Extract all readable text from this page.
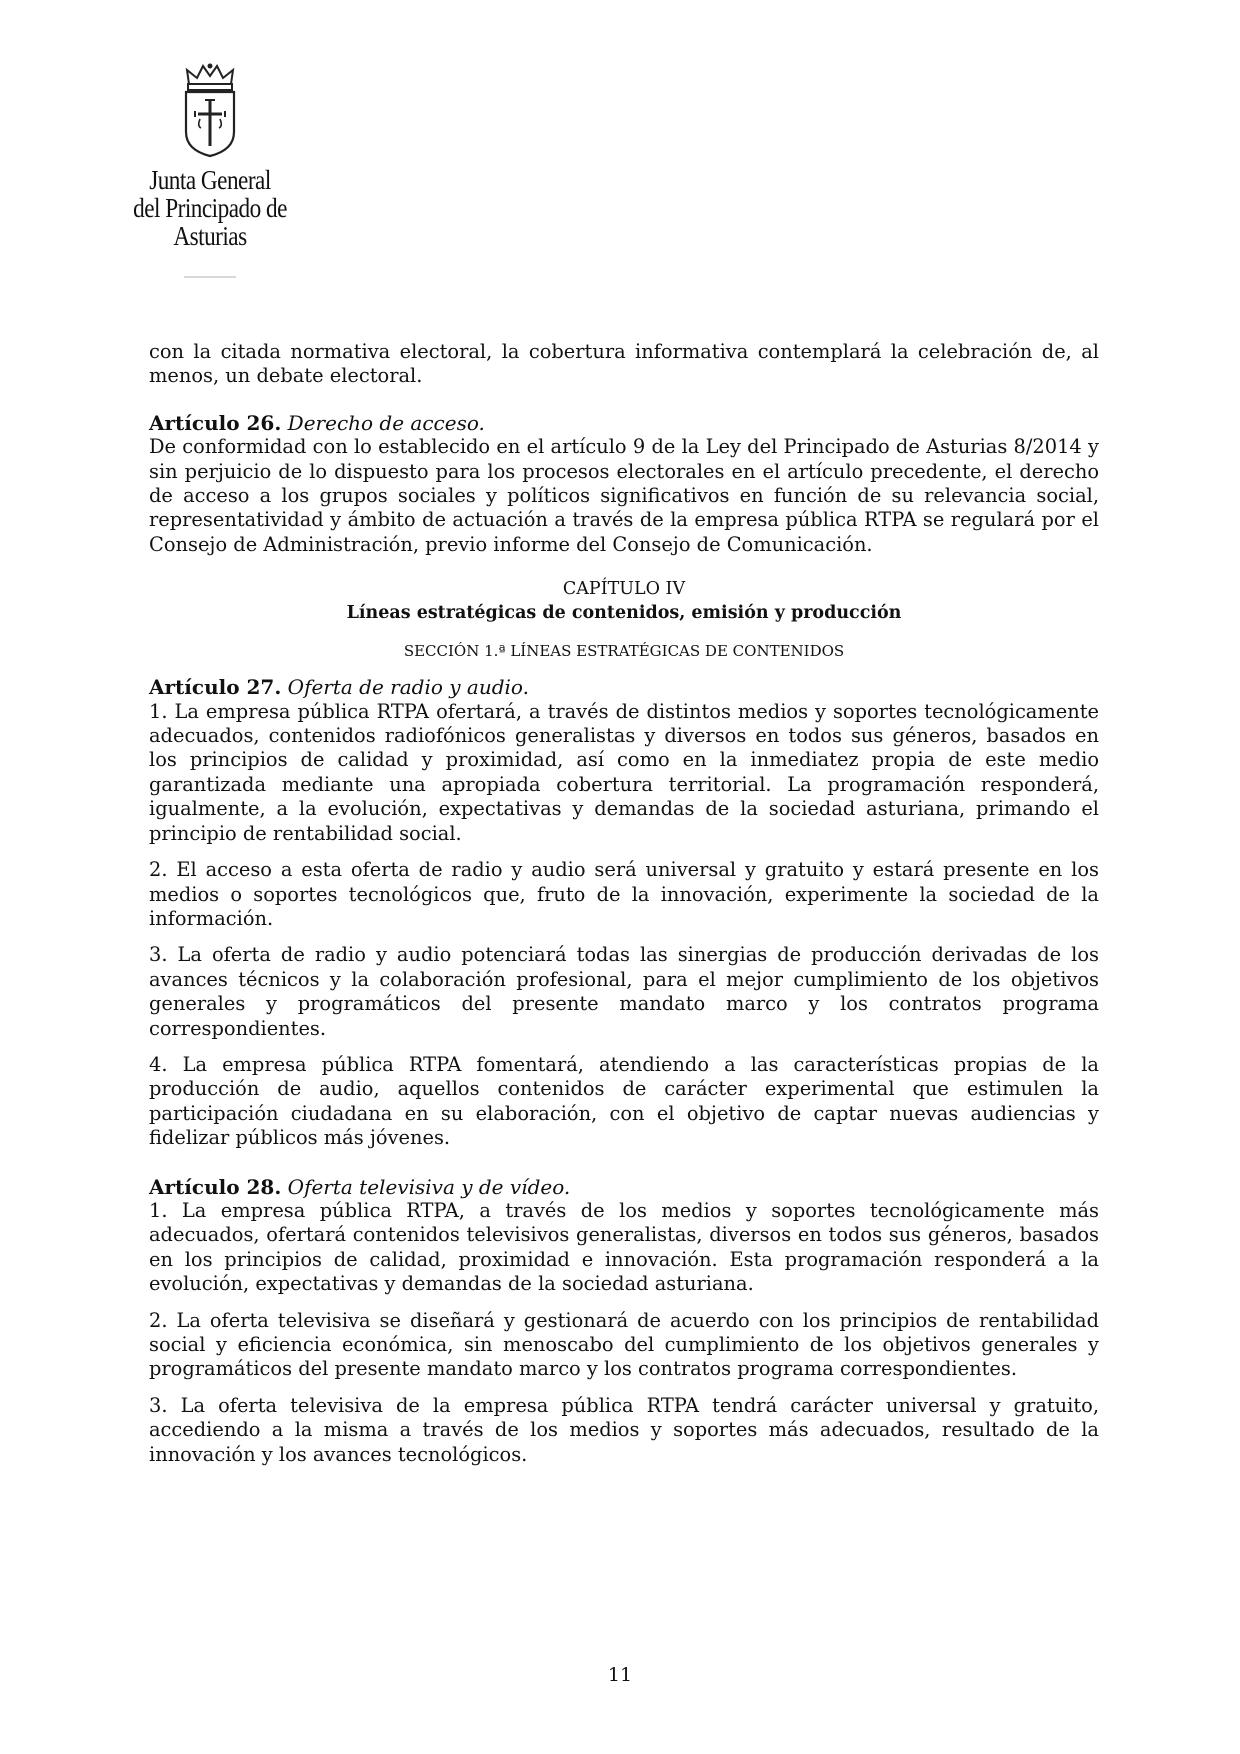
Junta General
del Principado de Asturias

con la citada normativa electoral, la cobertura informativa contemplará la celebración de, al menos, un debate electoral.

Artículo 26. Derecho de acceso.

De conformidad con lo establecido en el artículo 9 de la Ley del Principado de Asturias 8/2014 y sin perjuicio de lo dispuesto para los procesos electorales en el artículo precedente, el derecho de acceso a los grupos sociales y políticos significativos en función de su relevancia social, representatividad y ámbito de actuación a través de la empresa pública RTPA se regulará por el Consejo de Administración, previo informe del Consejo de Comunicación.

CAPÍTULO IV
Líneas estratégicas de contenidos, emisión y producción
SECCIÓN 1.ª LÍNEAS ESTRATÉGICAS DE CONTENIDOS

Artículo 27. Oferta de radio y audio.

1. La empresa pública RTPA ofertará, a través de distintos medios y soportes tecnológicamente adecuados, contenidos radiofónicos generalistas y diversos en todos sus géneros, basados en los principios de calidad y proximidad, así como en la inmediatez propia de este medio garantizada mediante una apropiada cobertura territorial. La programación responderá, igualmente, a la evolución, expectativas y demandas de la sociedad asturiana, primando el principio de rentabilidad social.

2. El acceso a esta oferta de radio y audio será universal y gratuito y estará presente en los medios o soportes tecnológicos que, fruto de la innovación, experimente la sociedad de la información.

3. La oferta de radio y audio potenciará todas las sinergias de producción derivadas de los avances técnicos y la colaboración profesional, para el mejor cumplimiento de los objetivos generales y programáticos del presente mandato marco y los contratos programa correspondientes.

4. La empresa pública RTPA fomentará, atendiendo a las características propias de la producción de audio, aquellos contenidos de carácter experimental que estimulen la participación ciudadana en su elaboración, con el objetivo de captar nuevas audiencias y fidelizar públicos más jóvenes.

Artículo 28. Oferta televisiva y de vídeo.

1. La empresa pública RTPA, a través de los medios y soportes tecnológicamente más adecuados, ofertará contenidos televisivos generalistas, diversos en todos sus géneros, basados en los principios de calidad, proximidad e innovación. Esta programación responderá a la evolución, expectativas y demandas de la sociedad asturiana.

2. La oferta televisiva se diseñará y gestionará de acuerdo con los principios de rentabilidad social y eficiencia económica, sin menoscabo del cumplimiento de los objetivos generales y programáticos del presente mandato marco y los contratos programa correspondientes.

3. La oferta televisiva de la empresa pública RTPA tendrá carácter universal y gratuito, accediendo a la misma a través de los medios y soportes más adecuados, resultado de la innovación y los avances tecnológicos.

11
